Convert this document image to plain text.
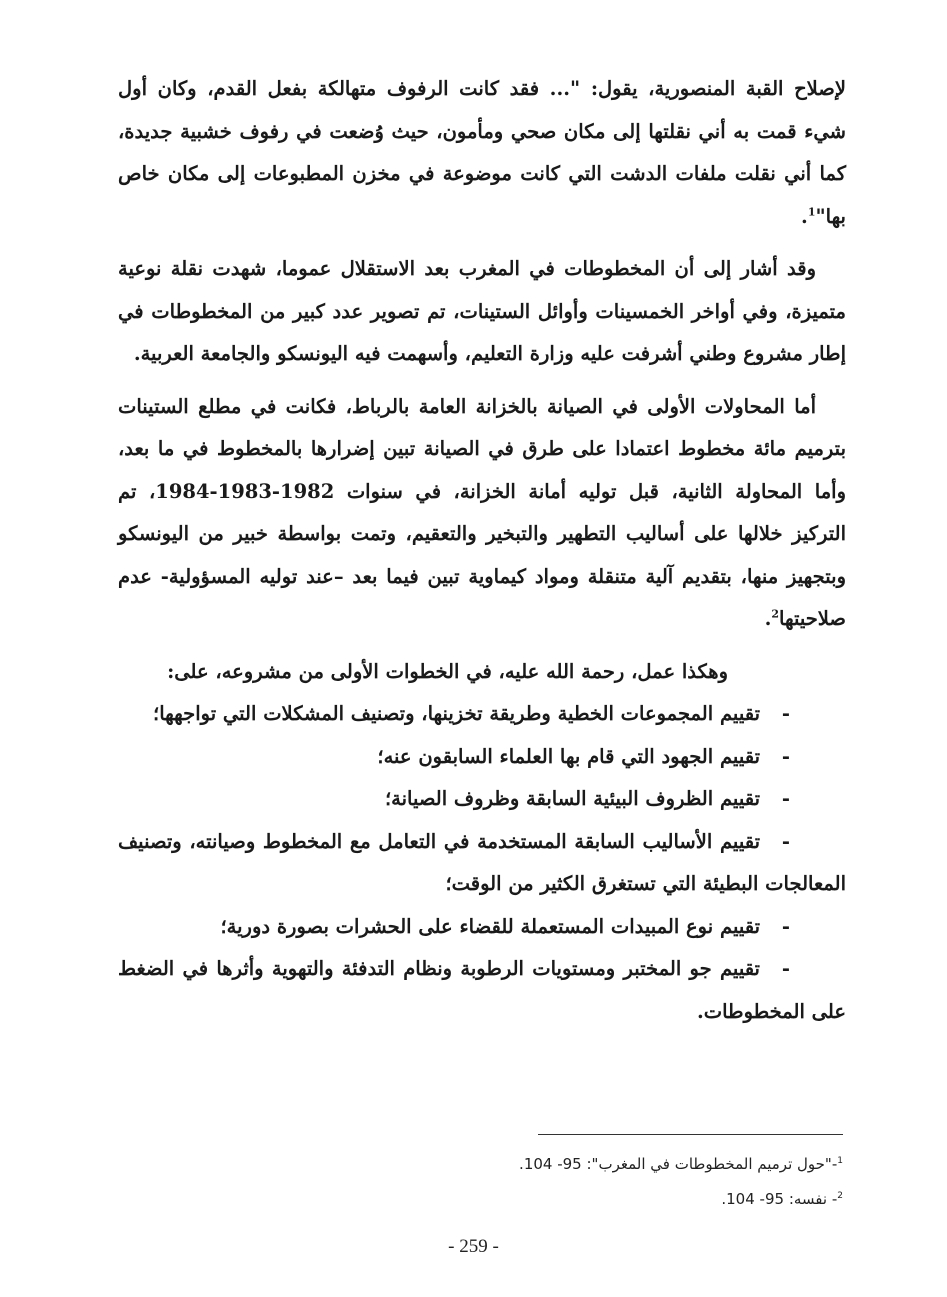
لإصلاح القبة المنصورية، يقول: "... فقد كانت الرفوف متهالكة بفعل القدم، وكان أول شيء قمت به أني نقلتها إلى مكان صحي ومأمون، حيث وُضعت في رفوف خشبية جديدة، كما أني نقلت ملفات الدشت التي كانت موضوعة في مخزن المطبوعات إلى مكان خاص بها"$^1$.

وقد أشار إلى أن المخطوطات في المغرب بعد الاستقلال عموما، شهدت نقلة نوعية متميزة، وفي أواخر الخمسينات وأوائل الستينات، تم تصوير عدد كبير من المخطوطات في إطار مشروع وطني أشرفت عليه وزارة التعليم، وأسهمت فيه اليونسكو والجامعة العربية.

أما المحاولات الأولى في الصيانة بالخزانة العامة بالرباط، فكانت في مطلع الستينات بترميم مائة مخطوط اعتمادا على طرق في الصيانة تبين إضرارها بالمخطوط في ما بعد، وأما المحاولة الثانية، قبل توليه أمانة الخزانة، في سنوات 1982-1983-1984، تم التركيز خلالها على أساليب التطهير والتبخير والتعقيم، وتمت بواسطة خبير من اليونسكو وبتجهيز منها، بتقديم آلية متنقلة ومواد كيماوية تبين فيما بعد –عند توليه المسؤولية- عدم صلاحيتها$^2$.

وهكذا عمل، رحمة الله عليه، في الخطوات الأولى من مشروعه، على:

-تقييم المجموعات الخطية وطريقة تخزينها، وتصنيف المشكلات التي تواجهها؛
-تقييم الجهود التي قام بها العلماء السابقون عنه؛
-تقييم الظروف البيئية السابقة وظروف الصيانة؛
-تقييم الأساليب السابقة المستخدمة في التعامل مع المخطوط وصيانته، وتصنيف المعالجات البطيئة التي تستغرق الكثير من الوقت؛
-تقييم نوع المبيدات المستعملة للقضاء على الحشرات بصورة دورية؛
-تقييم جو المختبر ومستويات الرطوبة ونظام التدفئة والتهوية وأثرها في الضغط على المخطوطات.
$^1$-"حول ترميم المخطوطات في المغرب": 95- 104.
$^2$- نفسه: 95- 104.
- 259 -
